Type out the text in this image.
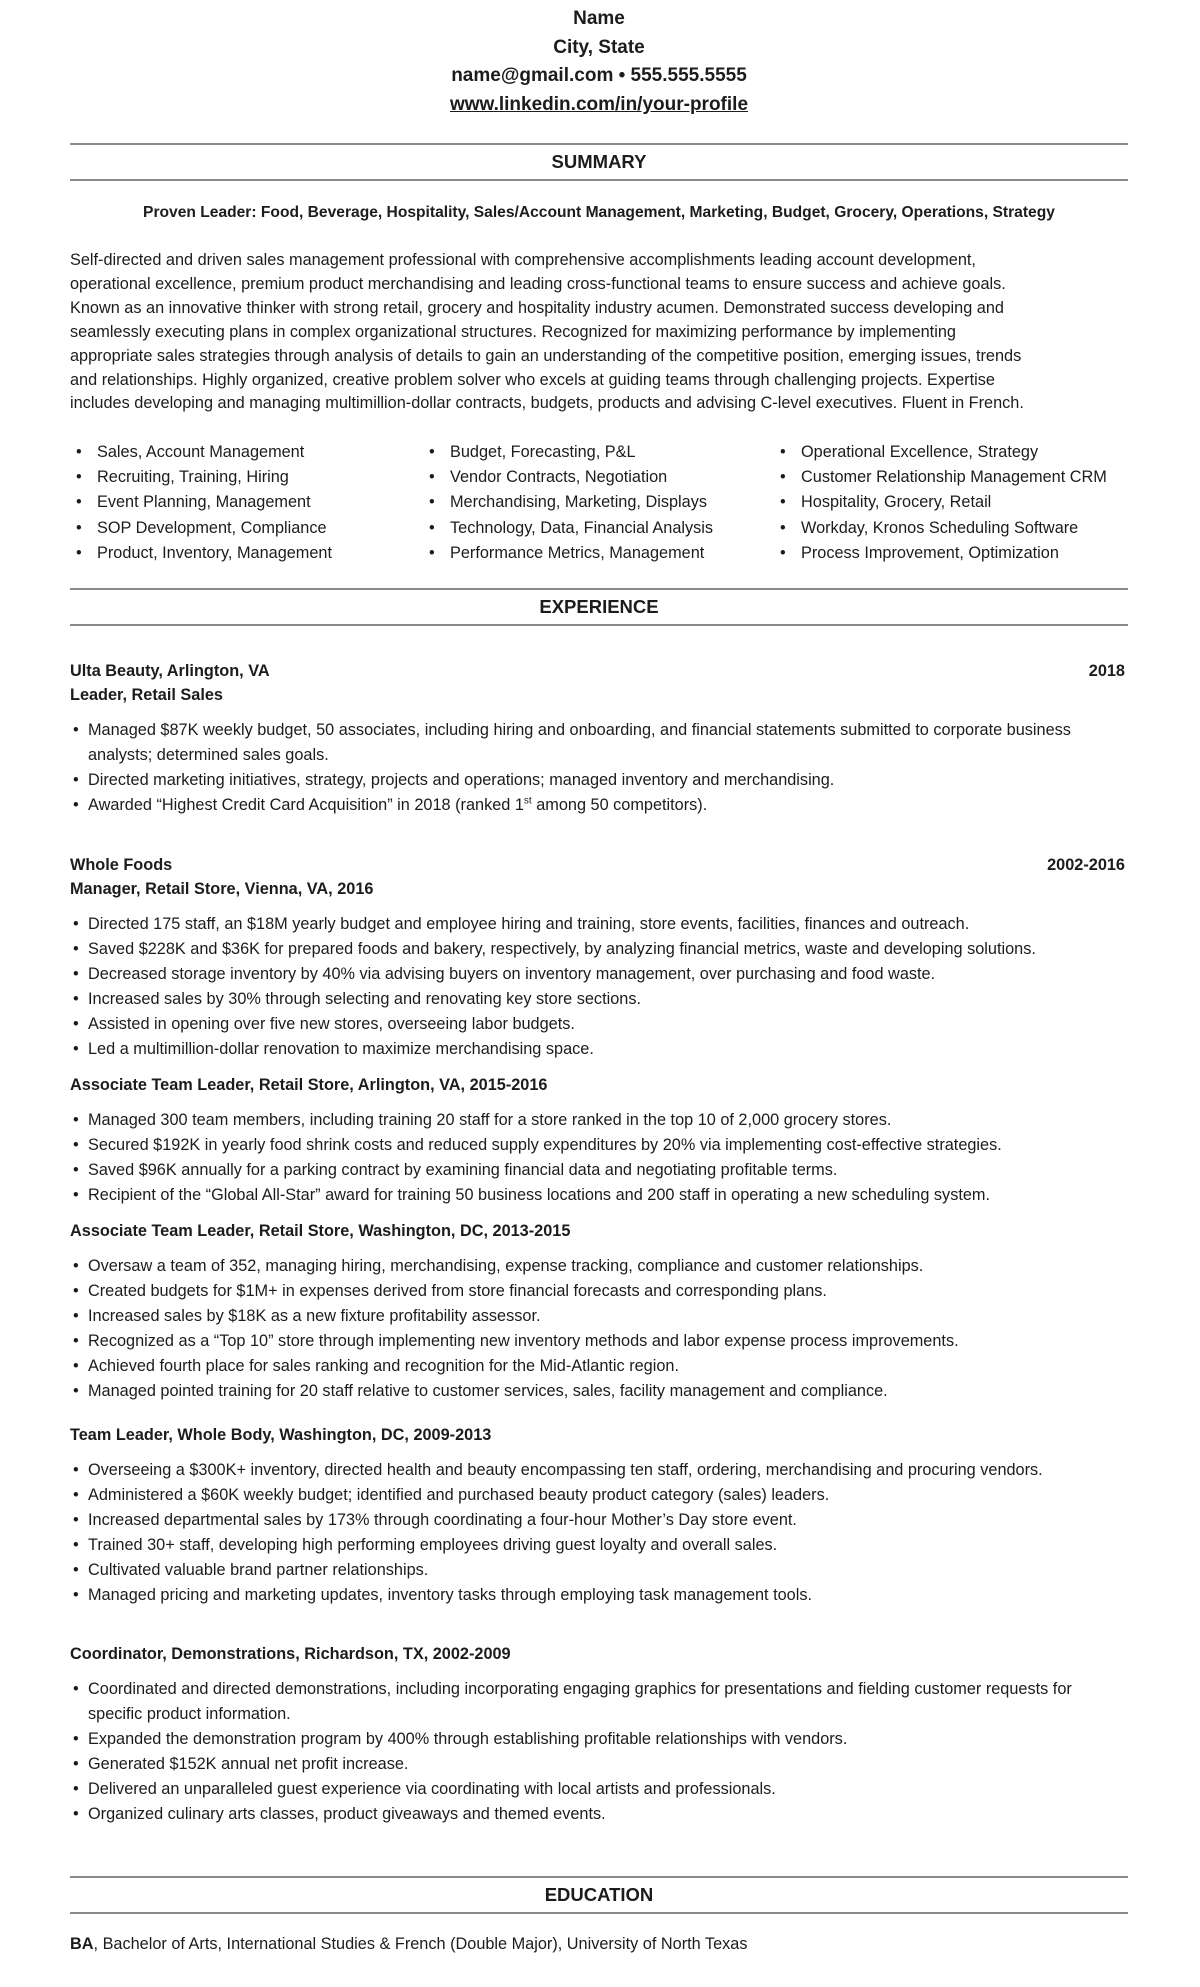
Name
City, State
name@gmail.com • 555.555.5555
www.linkedin.com/in/your-profile
SUMMARY
Proven Leader: Food, Beverage, Hospitality, Sales/Account Management, Marketing, Budget, Grocery, Operations, Strategy
Self-directed and driven sales management professional with comprehensive accomplishments leading account development,
operational excellence, premium product merchandising and leading cross-functional teams to ensure success and achieve goals.
Known as an innovative thinker with strong retail, grocery and hospitality industry acumen. Demonstrated success developing and
seamlessly executing plans in complex organizational structures. Recognized for maximizing performance by implementing
appropriate sales strategies through analysis of details to gain an understanding of the competitive position, emerging issues, trends
and relationships. Highly organized, creative problem solver who excels at guiding teams through challenging projects. Expertise
includes developing and managing multimillion-dollar contracts, budgets, products and advising C-level executives. Fluent in French.
• Sales, Account Management
• Recruiting, Training, Hiring
• Event Planning, Management
• SOP Development, Compliance
• Product, Inventory, Management
• Budget, Forecasting, P&L
• Vendor Contracts, Negotiation
• Merchandising, Marketing, Displays
• Technology, Data, Financial Analysis
• Performance Metrics, Management
• Operational Excellence, Strategy
• Customer Relationship Management CRM
• Hospitality, Grocery, Retail
• Workday, Kronos Scheduling Software
• Process Improvement, Optimization
EXPERIENCE
Ulta Beauty, Arlington, VA	2018
Leader, Retail Sales
• Managed $87K weekly budget, 50 associates, including hiring and onboarding, and financial statements submitted to corporate business analysts; determined sales goals.
• Directed marketing initiatives, strategy, projects and operations; managed inventory and merchandising.
• Awarded “Highest Credit Card Acquisition” in 2018 (ranked 1st among 50 competitors).
Whole Foods	2002-2016
Manager, Retail Store, Vienna, VA, 2016
• Directed 175 staff, an $18M yearly budget and employee hiring and training, store events, facilities, finances and outreach.
• Saved $228K and $36K for prepared foods and bakery, respectively, by analyzing financial metrics, waste and developing solutions.
• Decreased storage inventory by 40% via advising buyers on inventory management, over purchasing and food waste.
• Increased sales by 30% through selecting and renovating key store sections.
• Assisted in opening over five new stores, overseeing labor budgets.
• Led a multimillion-dollar renovation to maximize merchandising space.
Associate Team Leader, Retail Store, Arlington, VA, 2015-2016
• Managed 300 team members, including training 20 staff for a store ranked in the top 10 of 2,000 grocery stores.
• Secured $192K in yearly food shrink costs and reduced supply expenditures by 20% via implementing cost-effective strategies.
• Saved $96K annually for a parking contract by examining financial data and negotiating profitable terms.
• Recipient of the “Global All-Star” award for training 50 business locations and 200 staff in operating a new scheduling system.
Associate Team Leader, Retail Store, Washington, DC, 2013-2015
• Oversaw a team of 352, managing hiring, merchandising, expense tracking, compliance and customer relationships.
• Created budgets for $1M+ in expenses derived from store financial forecasts and corresponding plans.
• Increased sales by $18K as a new fixture profitability assessor.
• Recognized as a “Top 10” store through implementing new inventory methods and labor expense process improvements.
• Achieved fourth place for sales ranking and recognition for the Mid-Atlantic region.
• Managed pointed training for 20 staff relative to customer services, sales, facility management and compliance.
Team Leader, Whole Body, Washington, DC, 2009-2013
• Overseeing a $300K+ inventory, directed health and beauty encompassing ten staff, ordering, merchandising and procuring vendors.
• Administered a $60K weekly budget; identified and purchased beauty product category (sales) leaders.
• Increased departmental sales by 173% through coordinating a four-hour Mother’s Day store event.
• Trained 30+ staff, developing high performing employees driving guest loyalty and overall sales.
• Cultivated valuable brand partner relationships.
• Managed pricing and marketing updates, inventory tasks through employing task management tools.
Coordinator, Demonstrations, Richardson, TX, 2002-2009
• Coordinated and directed demonstrations, including incorporating engaging graphics for presentations and fielding customer requests for specific product information.
• Expanded the demonstration program by 400% through establishing profitable relationships with vendors.
• Generated $152K annual net profit increase.
• Delivered an unparalleled guest experience via coordinating with local artists and professionals.
• Organized culinary arts classes, product giveaways and themed events.
EDUCATION
BA, Bachelor of Arts, International Studies & French (Double Major), University of North Texas
